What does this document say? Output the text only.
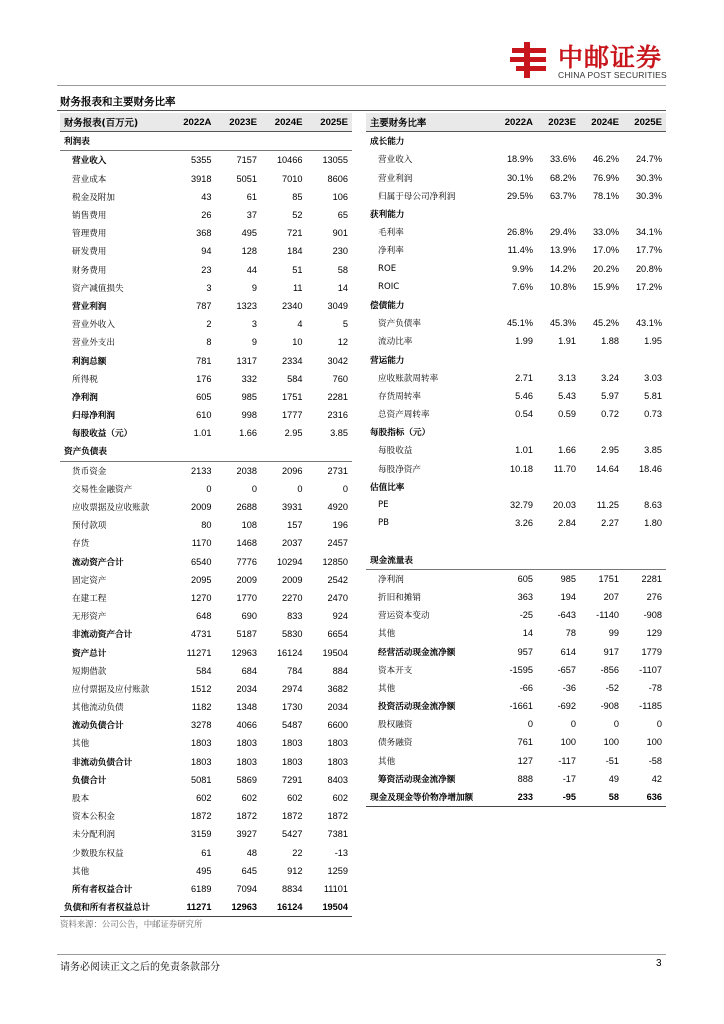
中邮证券
CHINA POST SECURITIES
财务报表和主要财务比率
财务报表(百万元)	2022A	2023E	2024E	2025E
利润表				
营业收入	5355	7157	10466	13055
营业成本	3918	5051	7010	8606
税金及附加	43	61	85	106
销售费用	26	37	52	65
管理费用	368	495	721	901
研发费用	94	128	184	230
财务费用	23	44	51	58
资产减值损失	3	9	11	14
营业利润	787	1323	2340	3049
营业外收入	2	3	4	5
营业外支出	8	9	10	12
利润总额	781	1317	2334	3042
所得税	176	332	584	760
净利润	605	985	1751	2281
归母净利润	610	998	1777	2316
每股收益（元）	1.01	1.66	2.95	3.85
资产负债表				
货币资金	2133	2038	2096	2731
交易性金融资产	0	0	0	0
应收票据及应收账款	2009	2688	3931	4920
预付款项	80	108	157	196
存货	1170	1468	2037	2457
流动资产合计	6540	7776	10294	12850
固定资产	2095	2009	2009	2542
在建工程	1270	1770	2270	2470
无形资产	648	690	833	924
非流动资产合计	4731	5187	5830	6654
资产总计	11271	12963	16124	19504
短期借款	584	684	784	884
应付票据及应付账款	1512	2034	2974	3682
其他流动负债	1182	1348	1730	2034
流动负债合计	3278	4066	5487	6600
其他	1803	1803	1803	1803
非流动负债合计	1803	1803	1803	1803
负债合计	5081	5869	7291	8403
股本	602	602	602	602
资本公积金	1872	1872	1872	1872
未分配利润	3159	3927	5427	7381
少数股东权益	61	48	22	-13
其他	495	645	912	1259
所有者权益合计	6189	7094	8834	11101
负债和所有者权益总计	11271	12963	16124	19504
主要财务比率	2022A	2023E	2024E	2025E
成长能力				
营业收入	18.9%	33.6%	46.2%	24.7%
营业利润	30.1%	68.2%	76.9%	30.3%
归属于母公司净利润	29.5%	63.7%	78.1%	30.3%
获利能力				
毛利率	26.8%	29.4%	33.0%	34.1%
净利率	11.4%	13.9%	17.0%	17.7%
ROE	9.9%	14.2%	20.2%	20.8%
ROIC	7.6%	10.8%	15.9%	17.2%
偿债能力				
资产负债率	45.1%	45.3%	45.2%	43.1%
流动比率	1.99	1.91	1.88	1.95
营运能力				
应收账款周转率	2.71	3.13	3.24	3.03
存货周转率	5.46	5.43	5.97	5.81
总资产周转率	0.54	0.59	0.72	0.73
每股指标（元）				
每股收益	1.01	1.66	2.95	3.85
每股净资产	10.18	11.70	14.64	18.46
估值比率				
PE	32.79	20.03	11.25	8.63
PB	3.26	2.84	2.27	1.80

现金流量表				
净利润	605	985	1751	2281
折旧和摊销	363	194	207	276
营运资本变动	-25	-643	-1140	-908
其他	14	78	99	129
经营活动现金流净额	957	614	917	1779
资本开支	-1595	-657	-856	-1107
其他	-66	-36	-52	-78
投资活动现金流净额	-1661	-692	-908	-1185
股权融资	0	0	0	0
债务融资	761	100	100	100
其他	127	-117	-51	-58
筹资活动现金流净额	888	-17	49	42
现金及现金等价物净增加额	233	-95	58	636
资料来源：公司公告，中邮证券研究所
请务必阅读正文之后的免责条款部分	3
